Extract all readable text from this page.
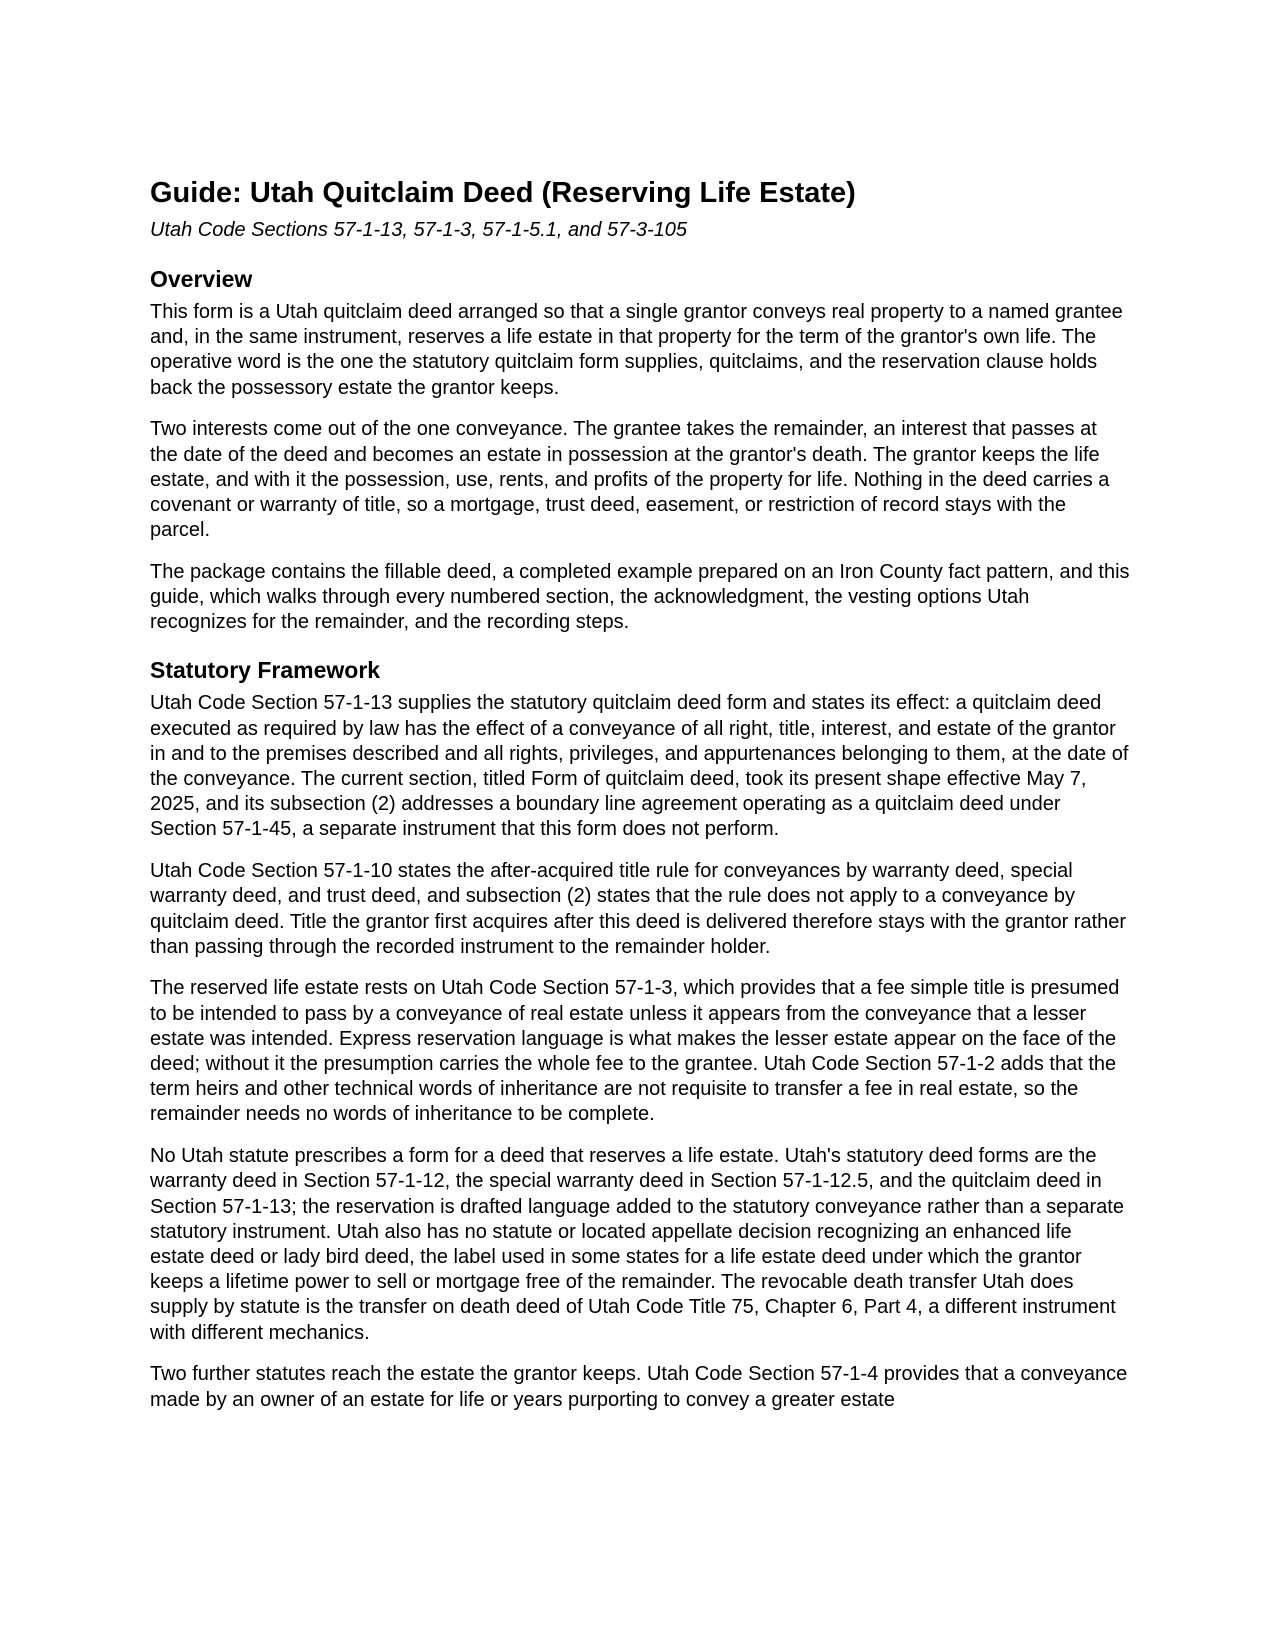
Guide: Utah Quitclaim Deed (Reserving Life Estate)
Utah Code Sections 57-1-13, 57-1-3, 57-1-5.1, and 57-3-105
Overview

This form is a Utah quitclaim deed arranged so that a single grantor conveys real property to a named grantee and, in the same instrument, reserves a life estate in that property for the term of the grantor's own life. The operative word is the one the statutory quitclaim form supplies, quitclaims, and the reservation clause holds back the possessory estate the grantor keeps.

Two interests come out of the one conveyance. The grantee takes the remainder, an interest that passes at the date of the deed and becomes an estate in possession at the grantor's death. The grantor keeps the life estate, and with it the possession, use, rents, and profits of the property for life. Nothing in the deed carries a covenant or warranty of title, so a mortgage, trust deed, easement, or restriction of record stays with the parcel.

The package contains the fillable deed, a completed example prepared on an Iron County fact pattern, and this guide, which walks through every numbered section, the acknowledgment, the vesting options Utah recognizes for the remainder, and the recording steps.

Statutory Framework

Utah Code Section 57-1-13 supplies the statutory quitclaim deed form and states its effect: a quitclaim deed executed as required by law has the effect of a conveyance of all right, title, interest, and estate of the grantor in and to the premises described and all rights, privileges, and appurtenances belonging to them, at the date of the conveyance. The current section, titled Form of quitclaim deed, took its present shape effective May 7, 2025, and its subsection (2) addresses a boundary line agreement operating as a quitclaim deed under Section 57-1-45, a separate instrument that this form does not perform.

Utah Code Section 57-1-10 states the after-acquired title rule for conveyances by warranty deed, special warranty deed, and trust deed, and subsection (2) states that the rule does not apply to a conveyance by quitclaim deed. Title the grantor first acquires after this deed is delivered therefore stays with the grantor rather than passing through the recorded instrument to the remainder holder.

The reserved life estate rests on Utah Code Section 57-1-3, which provides that a fee simple title is presumed to be intended to pass by a conveyance of real estate unless it appears from the conveyance that a lesser estate was intended. Express reservation language is what makes the lesser estate appear on the face of the deed; without it the presumption carries the whole fee to the grantee. Utah Code Section 57-1-2 adds that the term heirs and other technical words of inheritance are not requisite to transfer a fee in real estate, so the remainder needs no words of inheritance to be complete.

No Utah statute prescribes a form for a deed that reserves a life estate. Utah's statutory deed forms are the warranty deed in Section 57-1-12, the special warranty deed in Section 57-1-12.5, and the quitclaim deed in Section 57-1-13; the reservation is drafted language added to the statutory conveyance rather than a separate statutory instrument. Utah also has no statute or located appellate decision recognizing an enhanced life estate deed or lady bird deed, the label used in some states for a life estate deed under which the grantor keeps a lifetime power to sell or mortgage free of the remainder. The revocable death transfer Utah does supply by statute is the transfer on death deed of Utah Code Title 75, Chapter 6, Part 4, a different instrument with different mechanics.

Two further statutes reach the estate the grantor keeps. Utah Code Section 57-1-4 provides that a conveyance made by an owner of an estate for life or years purporting to convey a greater estate
